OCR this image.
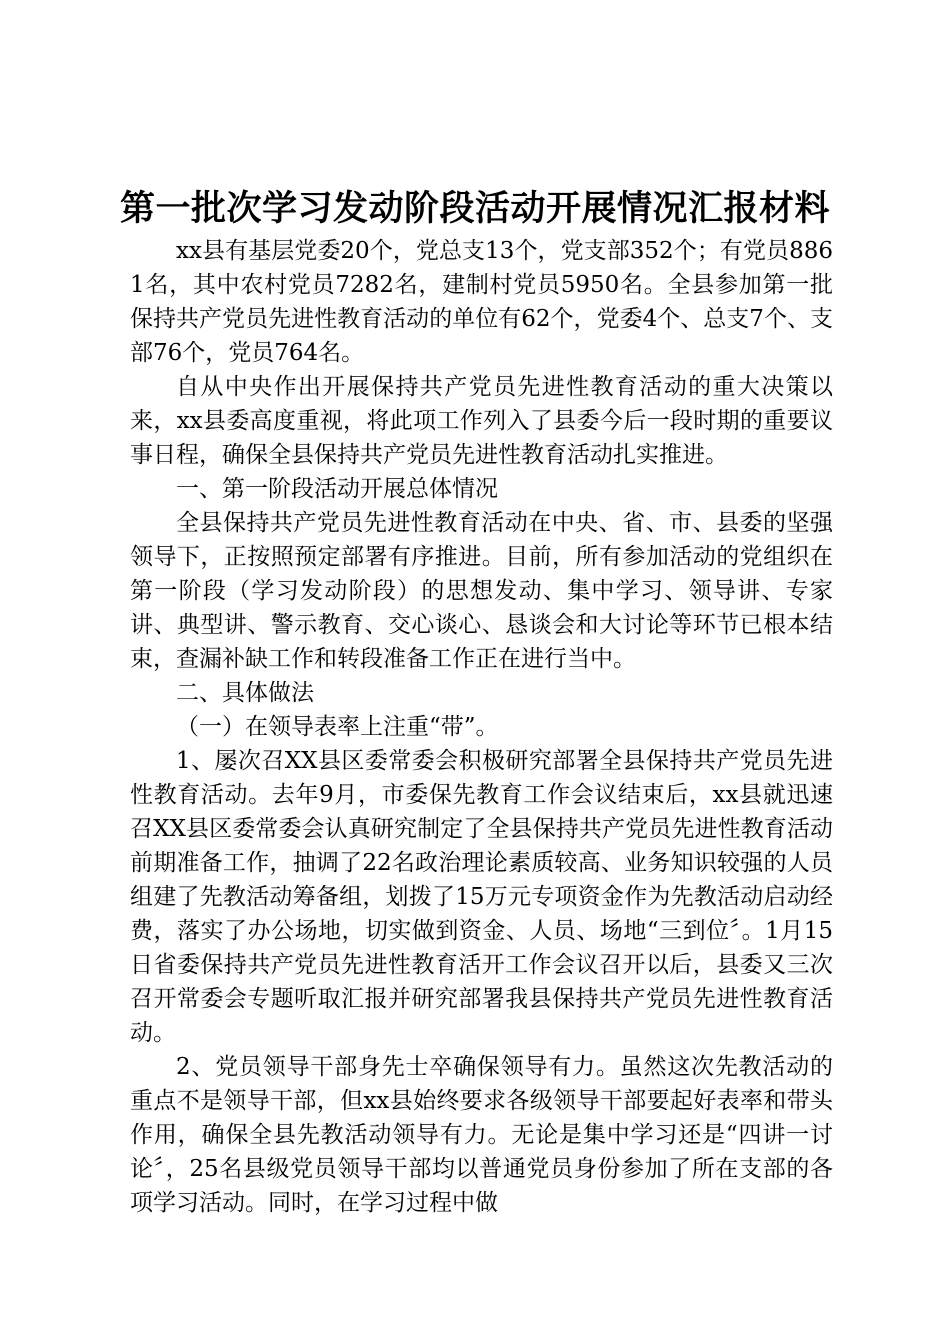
第一批次学习发动阶段活动开展情况汇报材料

xx县有基层党委20个，党总支13个，党支部352个；有党员8861名，其中农村党员7282名，建制村党员5950名。全县参加第一批保持共产党员先进性教育活动的单位有62个，党委4个、总支7个、支部76个，党员764名。

自从中央作出开展保持共产党员先进性教育活动的重大决策以来，xx县委高度重视，将此项工作列入了县委今后一段时期的重要议事日程，确保全县保持共产党员先进性教育活动扎实推进。

一、第一阶段活动开展总体情况

全县保持共产党员先进性教育活动在中央、省、市、县委的坚强领导下，正按照预定部署有序推进。目前，所有参加活动的党组织在第一阶段（学习发动阶段）的思想发动、集中学习、领导讲、专家讲、典型讲、警示教育、交心谈心、恳谈会和大讨论等环节已根本结束，查漏补缺工作和转段准备工作正在进行当中。

二、具体做法

（一）在领导表率上注重“带”。

1、屡次召XX县区委常委会积极研究部署全县保持共产党员先进性教育活动。去年9月，市委保先教育工作会议结束后，xx县就迅速召XX县区委常委会认真研究制定了全县保持共产党员先进性教育活动前期准备工作，抽调了22名政治理论素质较高、业务知识较强的人员组建了先教活动筹备组，划拨了15万元专项资金作为先教活动启动经费，落实了办公场地，切实做到资金、人员、场地“三到位〞。1月15日省委保持共产党员先进性教育活开工作会议召开以后，县委又三次召开常委会专题听取汇报并研究部署我县保持共产党员先进性教育活动。

2、党员领导干部身先士卒确保领导有力。虽然这次先教活动的重点不是领导干部，但xx县始终要求各级领导干部要起好表率和带头作用，确保全县先教活动领导有力。无论是集中学习还是“四讲一讨论〞，25名县级党员领导干部均以普通党员身份参加了所在支部的各项学习活动。同时，在学习过程中做
